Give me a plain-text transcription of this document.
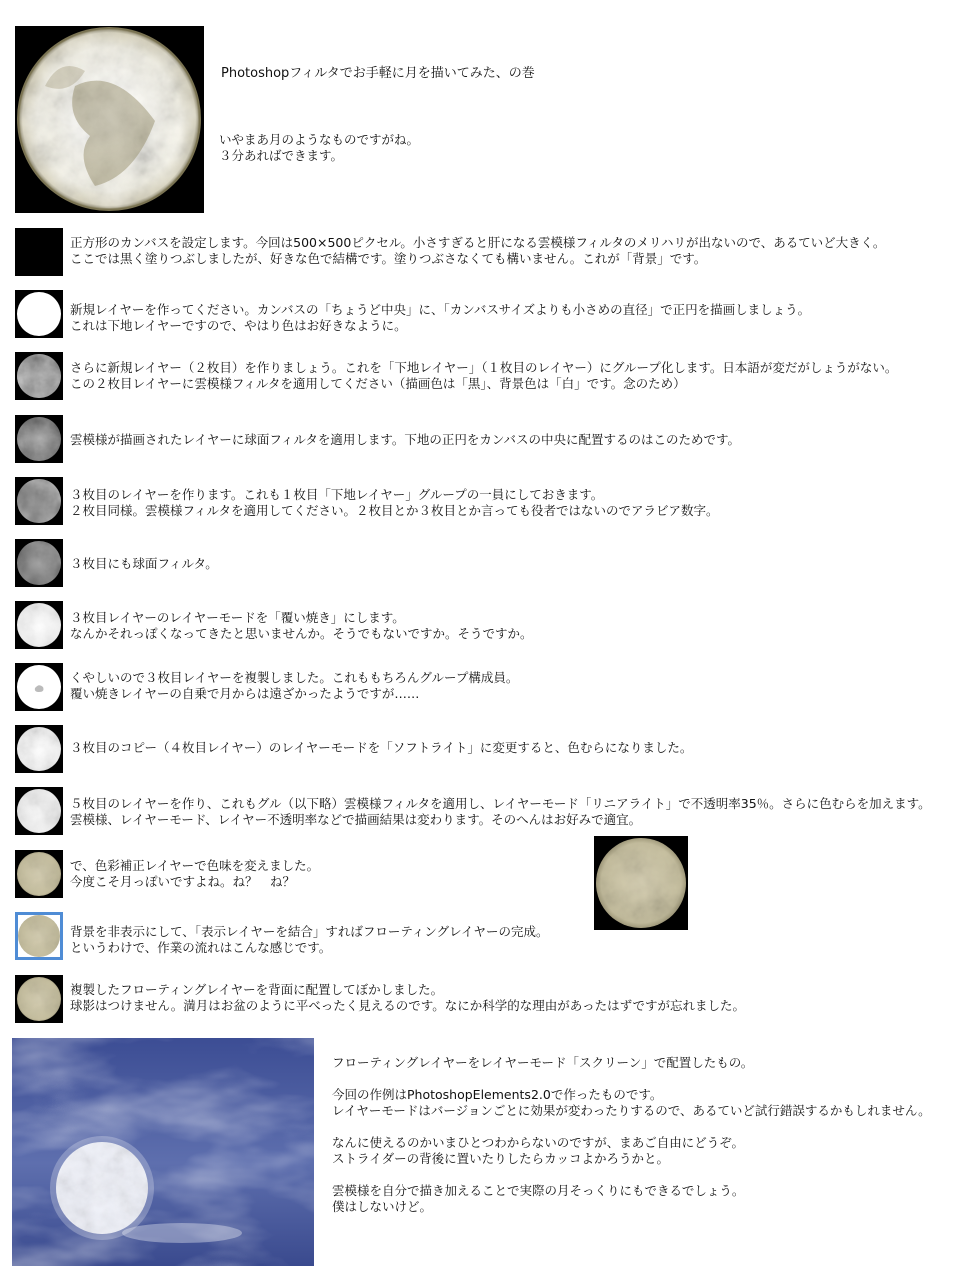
Photoshopフィルタでお手軽に月を描いてみた、の巻
いやまあ月のようなものですがね。
３分あればできます。
正方形のカンバスを設定します。今回は500×500ピクセル。小さすぎると肝になる雲模様フィルタのメリハリが出ないので、あるていど大きく。
ここでは黒く塗りつぶしましたが、好きな色で結構です。塗りつぶさなくても構いません。これが「背景」です。
新規レイヤーを作ってください。カンバスの「ちょうど中央」に、「カンバスサイズよりも小さめの直径」で正円を描画しましょう。
これは下地レイヤーですので、やはり色はお好きなように。
さらに新規レイヤー（２枚目）を作りましょう。これを「下地レイヤー」（１枚目のレイヤー）にグループ化します。日本語が変だがしょうがない。
この２枚目レイヤーに雲模様フィルタを適用してください（描画色は「黒」、背景色は「白」です。念のため）
雲模様が描画されたレイヤーに球面フィルタを適用します。下地の正円をカンバスの中央に配置するのはこのためです。
３枚目のレイヤーを作ります。これも１枚目「下地レイヤー」グループの一員にしておきます。
２枚目同様。雲模様フィルタを適用してください。２枚目とか３枚目とか言っても役者ではないのでアラビア数字。
３枚目にも球面フィルタ。
３枚目レイヤーのレイヤーモードを「覆い焼き」にします。
なんかそれっぽくなってきたと思いませんか。そうでもないですか。そうですか。
くやしいので３枚目レイヤーを複製しました。これももちろんグループ構成員。
覆い焼きレイヤーの自乗で月からは遠ざかったようですが……
３枚目のコピー（４枚目レイヤー）のレイヤーモードを「ソフトライト」に変更すると、色むらになりました。
５枚目のレイヤーを作り、これもグル（以下略）雲模様フィルタを適用し、レイヤーモード「リニアライト」で不透明率35％。さらに色むらを加えます。
雲模様、レイヤーモード、レイヤー不透明率などで描画結果は変わります。そのへんはお好みで適宜。
で、色彩補正レイヤーで色味を変えました。
今度こそ月っぽいですよね。ね？　ね？
背景を非表示にして、「表示レイヤーを結合」すればフローティングレイヤーの完成。
というわけで、作業の流れはこんな感じです。
複製したフローティングレイヤーを背面に配置してぼかしました。
球影はつけません。満月はお盆のように平べったく見えるのです。なにか科学的な理由があったはずですが忘れました。
フローティングレイヤーをレイヤーモード「スクリーン」で配置したもの。
今回の作例はPhotoshopElements2.0で作ったものです。
レイヤーモードはバージョンごとに効果が変わったりするので、あるていど試行錯誤するかもしれません。
なんに使えるのかいまひとつわからないのですが、まあご自由にどうぞ。
ストライダーの背後に置いたりしたらカッコよかろうかと。
雲模様を自分で描き加えることで実際の月そっくりにもできるでしょう。
僕はしないけど。
